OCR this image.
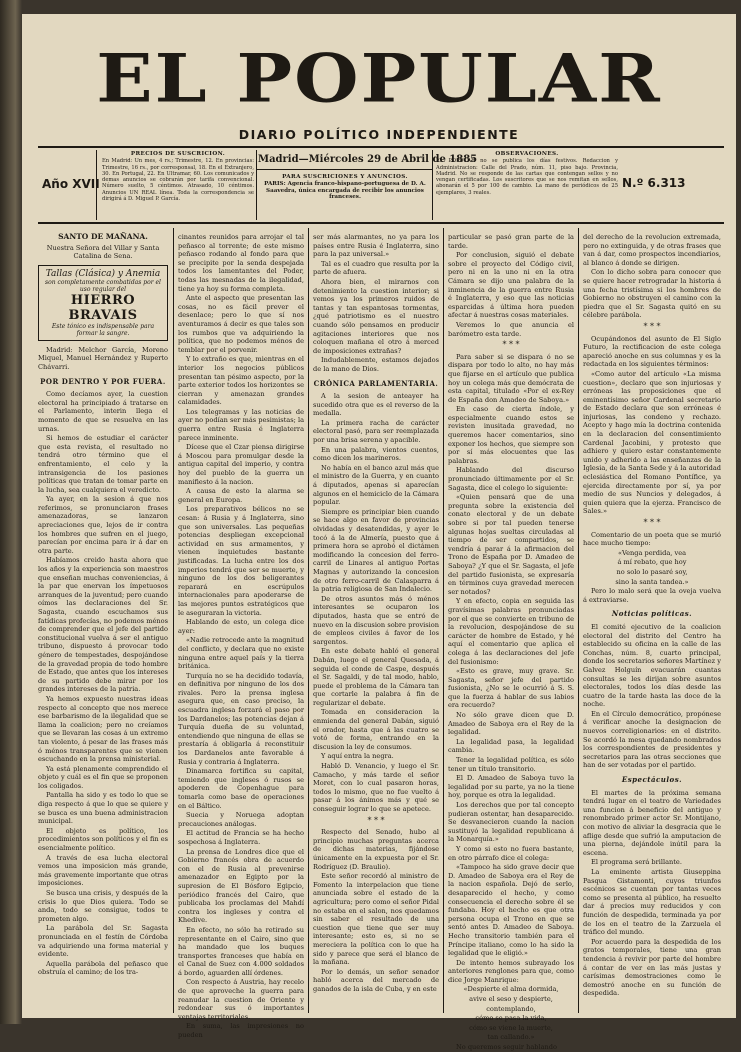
EL POPULAR
DIARIO POLÍTICO INDEPENDIENTE
PRECIOS DE SUSCRICION.
En Madrid: Un mes, 4 rs.; Trimestre, 12. En provincias: Trimestre, 16 rs., por corresponsal, 18. En el Extranjero, 30. En Portugal, 22. En Ultramar, 60. Los comunicados y demas anuncios se cobrarán por tarifa convencional. Número suelto, 5 céntimos. Atrasado, 10 céntimos. Anuncios UN REAL línea. Toda la correspondencia se dirigirá á D. Miguel P. García.
Año XVII
Madrid—Miércoles 29 de Abril de 1885
PARA SUSCRICIONES Y ANUNCIOS.
PARIS: Agencia franco-hispano-portuguesa de D. A. Saavedra, única encargada de recibir los anuncios franceses.
OBSERVACIONES.
EL POPULAR no se publica los días festivos. Redaccion y Administracion: Calle del Prado, núm. 11, piso bajo. Provincia, Madrid. No se responde de las cartas que contengan sellos y no vengan certificadas. Los suscritores que se nos remitan en sellos, abonarán el 5 por 100 de cambio. La mano de periódicos de 25 ejemplares, 3 reales.
N.º 6.313
SANTO DE MAÑANA.

Nuestra Señora del Villar y Santa Catalina de Sena.

Tallas (Clásica) y Anemia
son completamente combatidas por el uso regular del
HIERRO BRAVAIS
Este tónico es indispensable para formar la sangre.

Madrid: Melchor García, Moreno Miquel, Manuel Hernández y Ruperto Chávarri.

POR DENTRO Y POR FUERA.

Como decíamos ayer, la cuestion electoral ha principiado á tratarse en el Parlamento, interin llega el momento de que se resuelva en las urnas.

Si hemos de estudiar el carácter que esta revista, el resultado no tendrá otro término que el enfrentamiento, el celo y la intransigencia de los pasiones políticas que tratan de tomar parte en la lucha, sea cualquiera el veredicto.

Ya ayer, en la sesion á que nos referimos, se pronunciaron frases amenazadoras, se lanzaron apreciaciones que, lejos de ir contra los hombres que sufren en el juego, parecían por encima para ir á dar en otra parte.

Habíamos creido hasta ahora que los años y la experiencia son maestros que enseñan muchas conveniencias, á la par que enervan los ímpetuosos arranques de la juventud; pero cuando oímos las declaraciones del Sr. Sagasta, cuando escuchamos sus fatídicas profecías, no podemos ménos de comprender que el jefe del partido constitucional vuelva á ser el antiguo tribuno, dispuesto á provocar todo género de tempestades, despojándose de la gravedad propia de todo hombre de Estado, que antes que los intereses de su partido debe mirar por los grandes intereses de la patria.

Ya hemos expuesto nuestras ideas respecto al concepto que nos merece ese barbarismo de la ilegalidad que se llama la coalicion; pero no creíamos que se llevaran las cosas á un extremo tan violento, á pesar de las frases más ó ménos transparentes que se vienen escuchando en la prensa ministerial.

Ya está plenamente comprendido el objeto y cuál es el fin que se proponen los coligados.

Pantalla ha sido y es todo lo que se diga respecto á que lo que se quiere y se busca es una buena administracion municipal.

El objeto es político, los procedimientos son políticos y el fin es esencialmente político.

A través de esa lucha electoral vemos una imposicion más grande, más gravemente importante que otras imposiciones.

Se busca una crisis, y después de la crisis lo que Dios quiera. Todo se anda, todo se consigue, todos te prometen algo.

La parábola del Sr. Sagasta pronunciada en el festín de Córdoba va adquiriendo una forma material y evidente.

Aquella parábola del peñasco que obstruía el camino; de los tra-

cinantes reunidos para arrojar el tal peñasco al torrente; de este mismo peñasco rodando al fondo para que se precipite por la senda despejada todos los lamentantes del Poder, todas las mesnadas de la ilegalidad, tiene ya hoy su forma completa.

Ante el aspecto que presentan las cosas, no es fácil prever el desenlace; pero lo que sí nos aventuramos á decir es que tales son los rumbos que va adquiriendo la política, que no podemos ménos de temblar por el porvenir.

Y lo extraño es que, mientras en el interior los negocios públicos presentan tan pésimo aspecto, por la parte exterior todos los horizontes se cierran y amenazan grandes calamidades.

Los telegramas y las noticias de ayer no podían ser más pesimistas; la guerra entre Rusia é Inglaterra parece inminente.

Dícese que el Czar piensa dirigirse á Moscou para promulgar desde la antigua capital del imperio, y contra hoy del pueblo de la guerra un manifiesto á la nacion.

A causa de esto la alarma se general en Europa.

Los preparativos bélicos no se cesan: á Rusia y á Inglaterra, sino que son universales. Las pequeñas potencias despliegan excepcional actividad en sus armamentos, y vienen inquietudes bastante justificadas. La lucha entre los dos imperios tendrá que ser se muerte, y ninguno de los dos beligerantes reparará en escrúpulos internacionales para apoderarse de las mejores puntos estratégicos que le aseguraran la victoria.

Hablando de esto, un colega dice ayer:

«Nadie retrocede ante la magnitud del conflicto, y declara que no existe ninguna entre aquel país y la tierra británica.

Turquía no se ha decidido todavía, en definitiva por ninguno de los dos rivales. Pero la prensa inglesa asegura que, en caso preciso, la escuadra inglesa forzará el paso por los Dardanelos; las potencias dejan á Turquía dueña de su voluntad, entendiendo que ninguna de ellas se prestaría á obligarla á reconstituir los Dardanelos ante favorable á Rusia y contraria á Inglaterra.

Dinamarca fortifica su capital, temiendo que ingleses ó rusos se apoderen de Copenhague para tomarla como base de operaciones en el Báltico.

Suecia y Noruega adoptan precauciones análogas.

El actitud de Francia se ha hecho sospechosa á Inglaterra.

La prensa de Londres dice que el Gobierno francés obra de acuerdo con el de Rusia al prevenirse amenazador en Egipto por la supresion de El Bósforo Egipcio, periódico francés del Cairo, que publicaba los proclamas del Mahdí contra los ingleses y contra el Khedive.

En efecto, no sólo ha retirado su representante en el Cairo, sino que ha mandado que los buques transportes franceses que había en el Canal de Suez con 4.000 soldados á bordo, aguarden allí órdenes.

Con respecto á Austria, hay recelo de que aproveche la guerra para reanudar la cuestion de Oriente y redondear sus ó importantes ventajas territoriales.

En suma, las impresiones no pueden

ser más alarmantes, no ya para los países entre Rusia é Inglaterra, sino para la paz universal.»

Tal es el cuadro que resulta por la parte de afuera.

Ahora bien, el mirarnos con detenimiento la cuestion interior; si vemos ya los primeros ruidos de tantas y tan espantosas tormentas, ¿qué patriotismo es el nuestro cuando sólo pensamos en producir agitaciones interiores que nos coloquen mañana el otro á merced de imposiciones extrañas?

Indudablemente, estamos dejados de la mano de Dios.

CRÓNICA PARLAMENTARIA.

A la sesion de anteayer ha sucedido otra que es el reverso de la medalla.

La primera racha de carácter electoral pasó, para ser reemplazada por una brisa serena y apacible.

En una palabra, vientos cuentos, como dicen los marineros.

No había en el banco azul más que el ministro de la Guerra, y en cuanto á diputados, apenas si aparecían algunos en el hemiciclo de la Cámara popular.

Siempre es principiar bien cuando se hace algo en favor de provincias olvidadas y desatendidas, y ayer le tocó á la de Almería, puesto que á primera hora se aprobó el dictámen modificando la concesion del ferro-carril de Linares al antiguo Portas Magnas y autorizando la concesion de otro ferro-carril de Calasparra á la patria religiosa de San Indalecio.

De otros asuntos más ó ménos interesantes se ocuparon los diputados, hasta que se entró de nuevo en la discusion sobre provision de empleos civiles á favor de los sargentos.

En este debate habló el general Dabán, luego el general Quesada, á seguida el conde de Caspe, después el Sr. Sagaldi, y de tal modo, hablo, puede el problema de la Cámara tan que cortarle la palabra á fin de regularizar el debate.

Tomada en consideracion la enmienda del general Dabán, siguió el orador, hasta que á las cuatro se votó de forma, entrando en la discusion la ley de consumos.

Y aquí entra la negra.

Habló D. Venancio, y luego el Sr. Camacho, y más tarde el señor Moret, con lo cual pasaron horas, todos lo mismo, que no fue vuelto á pasar á los ánimos más y qué se conseguir lograr lo que se apetece.

* * *

Respecto del Senado, hubo al principio muchas preguntas acerca de dichas materias, fijándose únicamente en la expuesta por el Sr. Rodríguez (D. Braulio).

Este señor recordó al ministro de Fomento la interpelacion que tiene anunciada sobre el estado de la agricultura; pero como el señor Pidal no estaba en el salon, nos quedamos sin saber el resultado de una cuestion que tiene que ser muy interesante; esto es, si no se mereciera la política con lo que ha sido y parece que será el blanco de la mañana.

Por lo demás, un señor senador habló acerca del mercado de ganados de la isla de Cuba, y en este

particular se pasó gran parte de la tarde.

Por conclusion, siguió el debate sobre el proyecto del Código civil, pero ni en la uno ni en la otra Cámara se dijo una palabra de la inminencia de la guerra entre Rusia é Inglaterra, y eso que las noticias esparcidas á última hora pueden afectar á nuestras cosas materiales.

Veremos lo que anuncia el barómetro esta tarde.

* * *

Para saber si se dispara ó no se dispara por todo lo alto, no hay más que fijarse en el artículo que publica hoy un colega más que demócrata de esta capital, titulado «Por el ex-Rey de España don Amadeo de Saboya.»

En caso de cierta índole, y especialmente cuando estos se revisten inusitada gravedad, no queremos hacer comentarios, sino exponer los hechos, que siempre son por sí más elocuentes que las palabras.

Hablando del discurso pronunciado últimamente por el Sr. Sagasta, dice el colego lo siguiente:

«Quien pensará que de una pregunta sobre la existencia del conato electoral y de un debate sobre si por tal pueden tenerse algunas hojas sueltas circuladas al tiempo de ser compartidos, se vendría á parar á la afirmacion del Trono de España por D. Amadeo de Saboya? ¿Y que el Sr. Sagasta, el jefe del partido fusionista, se expresaría en términos cuya gravedad merecen ser notados?

Y en efecto, copia en seguida las gravísimas palabras pronunciadas por el que se convierte en tribuno de la revolucion, despojándose de su carácter de hombre de Estado, y hé aquí el comentario que aplica el colega á las declaraciones del jefe del fusionismo:

«Esto es grave, muy grave. Sr. Sagasta, señor jefe del partido fusionista, ¿No se le ocurrió á S. S. que la fuerza á hablar de sus labios era recuerdo?

No sólo grave dicen que D. Amadeo de Saboya era el Rey de la legalidad.

La legalidad pasa, la legalidad cambia.

Tener la legalidad política, es sólo tener un título transitorio.

El D. Amadeo de Saboya tuvo la legalidad por su parte, ya no la tiene hoy, porque es otra la legalidad.

Los derechos que por tal concepto pudieran ostentar, han desaparecido. Se desvanecieron cuando la nacion sustituyó la legalidad republicana á la Monarquía.»

Y como si esto no fuera bastante, en otro párrafo dice el colega:

«Tampoco ha sido grave decir que D. Amadeo de Saboya era el Rey de la nacion española. Dejó de serlo, desaparecido el hecho, y como consecuencia el derecho sobre él se fundaba. Hoy el hecho es que otra persona ocupa el Trono en que se sentó antes D. Amadeo de Saboya. Hecho transitorio también para el Príncipe italiano, como lo ha sido la legalidad que le eligió.»

De intento hemos subrayado los anteriores renglones para que, como dice Jorge Manrique:

«Despierte el alma dormida,

avive el seso y despierte,

contemplando,

cómo se pasa la vida,

cómo se viene la muerte,

tan callando.»

No queremos seguir hablando

del derecho de la revolucion extremada, pero no extinguida, y de otras frases que van á dar, como prospectos incendiarios, al blanco á donde se dirigen.

Con lo dicho sobra para conocer que se quiere hacer retrogradar la historia á una fecha tristísima si los hombres de Gobierno no obstruyen el camino con la piedra que el Sr. Sagasta quitó en su célebre parábola.

* * *

Ocupándonos del asunto de El Siglo Futuro, la rectificacion de este colega apareció anoche en sus columnas y es la redactada en los siguientes términos:

«Como autor del artículo «La misma cuestion», declaro que son injuriosas y erróneas las proposiciones que el eminentísimo señor Cardenal secretario de Estado declara que son erróneas é injuriosas, las condeno y rechazo. Acepto y hago mía la doctrina contenida en la declaracion del consentimiento Cardenal Jacobini, y protesto que adhiero y quiero estar constantemente unido y adherido a las enseñanzas de la Iglesia, de la Santa Sede y á la autoridad eclesiástica del Romano Pontífice, ya ejercida directamente por sí, ya por medio de sus Nuncios y delegados, á quien quiera que la ejerza. Francisco de Sales.»

* * *

Comentario de un poeta que se murió hace mucho tiempo:

«Venga perdida, vea

á mí rebato, que hoy

no solo lo pasaré soy,

sino la santa tandea.»

Pero lo malo será que la oveja vuelva á extraviarse.

Noticias políticas.

El comité ejecutivo de la coalicion electoral del distrito del Centro ha establecido su oficina en la calle de las Conchas, núm. 8, cuarto principal, donde los secretarios señores Martínez y Galvez Holguín evacuarán cuantas consultas se les dirijan sobre asuntos electorales, todos los días desde las cuatro de la tarde hasta las doce de la noche.

En el Círculo democrático, propónese á verificar anoche la designacion de nuevos correligionarios: en el distrito. Se acordó la mesa quedando nombrados los correspondientes de presidentes y secretarios para las otras secciones que han de ser votadas por el partido.

Espectáculos.

El martes de la próxima semana tendrá lugar en el teatro de Variedades una funcion á beneficio del antiguo y renombrado primer actor Sr. Montijano, con motivo de aliviar la desgracia que le aflige desde que sufrió la amputacion de una pierna, dejándole inútil para la escena.

El programa será brillante.

La eminente artista Giuseppina Pasqua Gistamonti, cuyos triunfos escénicos se cuentan por tantas veces como se presenta al público, ha resuelto dar á precios muy reducidos y con función de despedida, terminada ya por de los en el teatro de la Zarzuela el tráfico del mundo.

Por acuerdo para la despedida de los gratos temporales, tiene una gran tendencia á revivir por parte del hombre á contar de ver en las más justas y carísimas demostraciones como le demostró anoche en su función de despedida.
